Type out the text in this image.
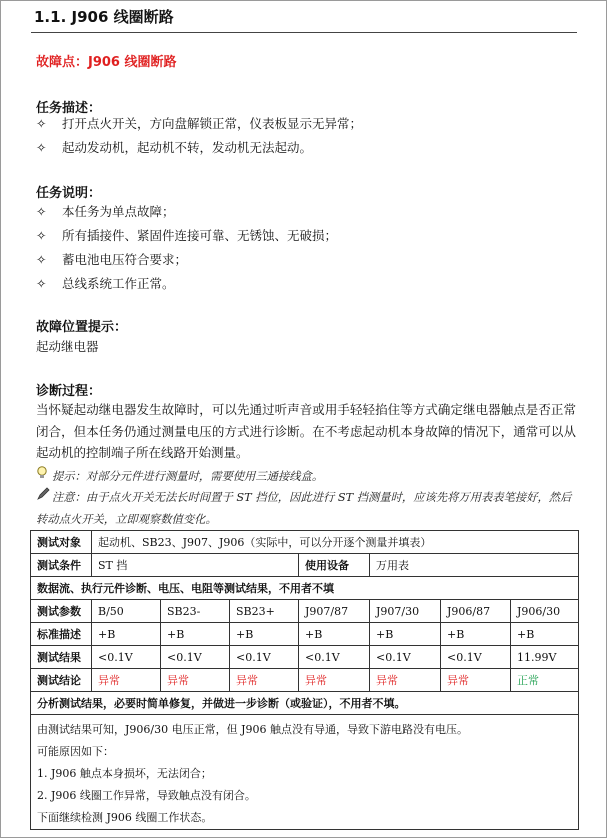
1.1. J906 线圈断路
故障点：J906 线圈断路
任务描述：
✧ 打开点火开关，方向盘解锁正常，仪表板显示无异常；
✧ 起动发动机，起动机不转，发动机无法起动。
任务说明：
✧ 本任务为单点故障；
✧ 所有插接件、紧固件连接可靠、无锈蚀、无破损；
✧ 蓄电池电压符合要求；
✧ 总线系统工作正常。
故障位置提示：
起动继电器
诊断过程：
当怀疑起动继电器发生故障时，可以先通过听声音或用手轻轻掐住等方式确定继电器触点是否正常闭合，但本任务仍通过测量电压的方式进行诊断。在不考虑起动机本身故障的情况下，通常可以从起动机的控制端子所在线路开始测量。
提示：对部分元件进行测量时，需要使用三通接线盒。
注意：由于点火开关无法长时间置于 ST 挡位，因此进行 ST 挡测量时，应该先将万用表表笔接好，然后转动点火开关，立即观察数值变化。
测试对象	起动机、SB23、J907、J906（实际中，可以分开逐个测量并填表）						
测试条件	ST 挡			使用设备	万用表		
数据流、执行元件诊断、电压、电阻等测试结果，不用者不填							
测试参数	B/50	SB23-	SB23+	J907/87	J907/30	J906/87	J906/30
标准描述	+B	+B	+B	+B	+B	+B	+B
测试结果	<0.1V	<0.1V	<0.1V	<0.1V	<0.1V	<0.1V	11.99V
测试结论	异常	异常	异常	异常	异常	异常	正常
分析测试结果，必要时简单修复，并做进一步诊断（或验证），不用者不填。							

由测试结果可知，J906/30 电压正常，但 J906 触点没有导通，导致下游电路没有电压。
可能原因如下：
1. J906 触点本身损坏，无法闭合；
2. J906 线圈工作异常，导致触点没有闭合。
下面继续检测 J906 线圈工作状态。							
